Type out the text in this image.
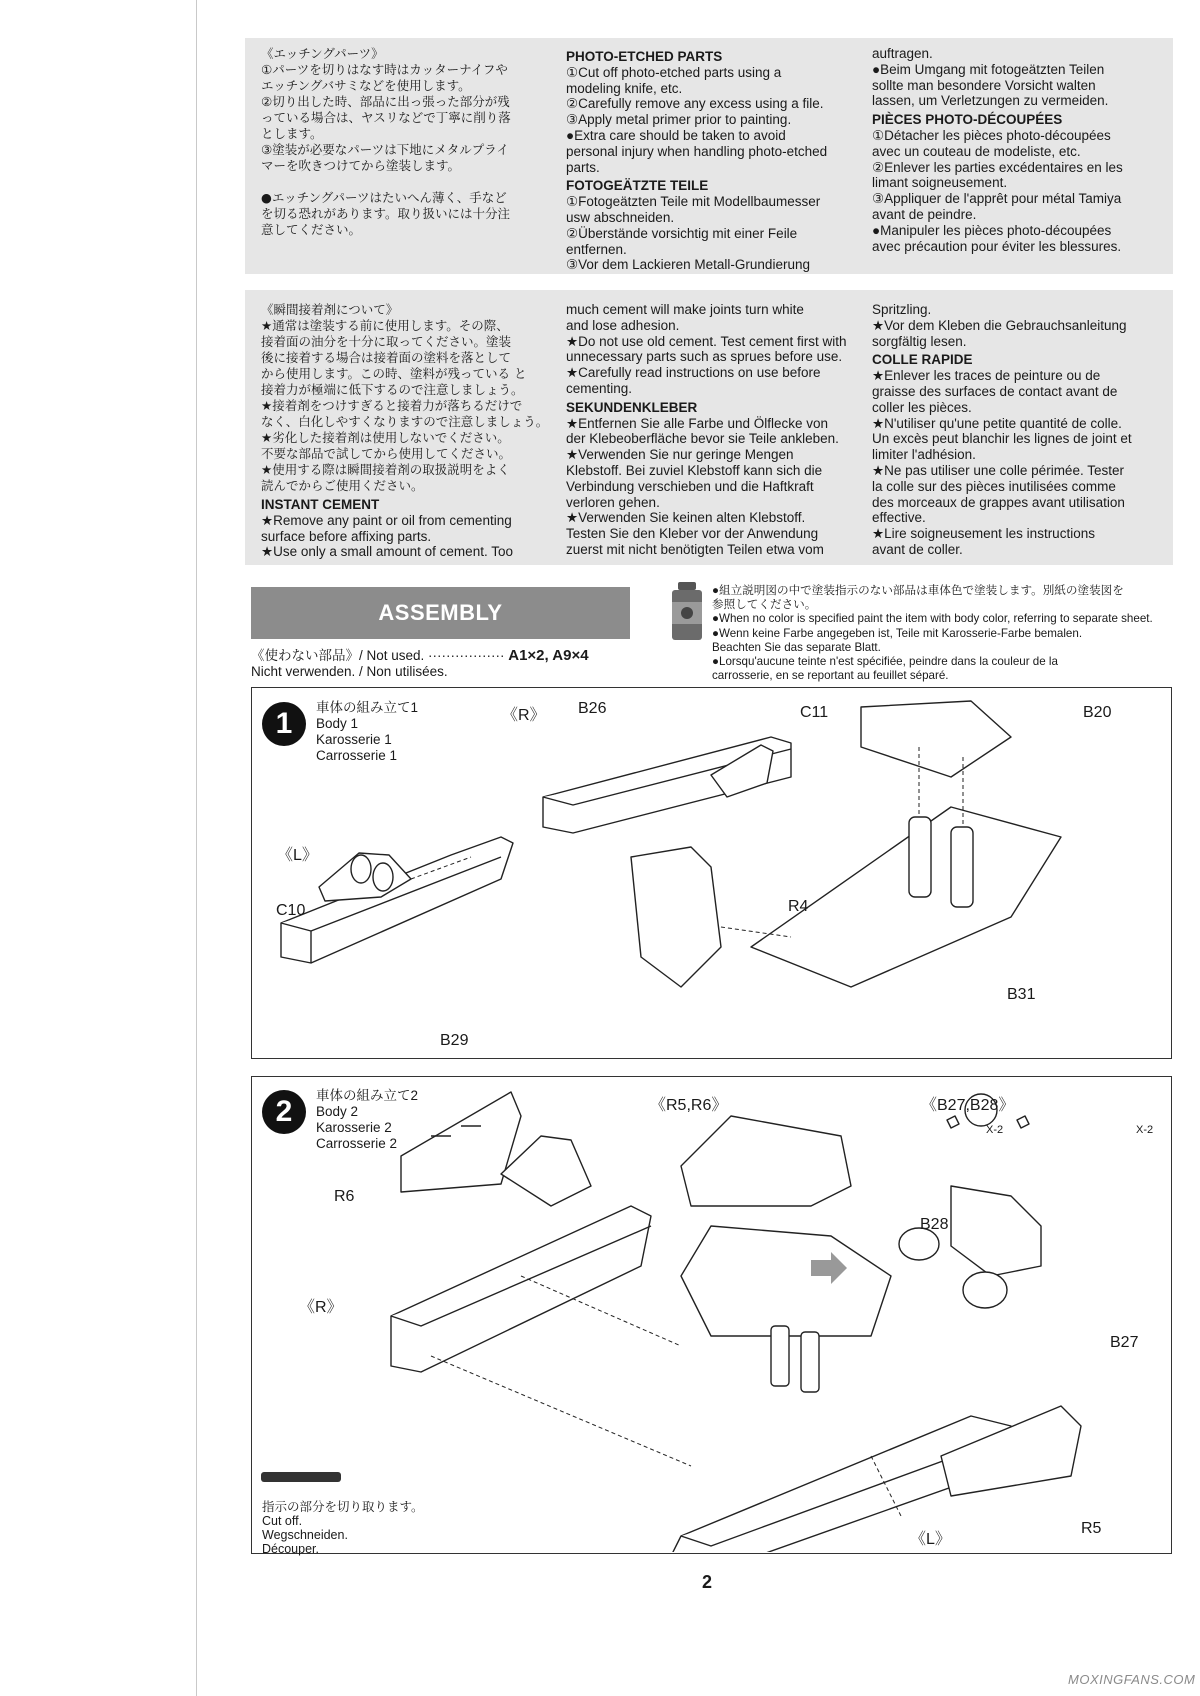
《エッチングパーツ》

①パーツを切りはなす時はカッターナイフや

エッチングバサミなどを使用します。

②切り出した時、部品に出っ張った部分が残

っている場合は、ヤスリなどで丁寧に削り落

とします。

③塗装が必要なパーツは下地にメタルプライ

マーを吹きつけてから塗装します。

●エッチングパーツはたいへん薄く、手など

を切る恐れがあります。取り扱いには十分注

意してください。

PHOTO-ETCHED PARTS

①Cut off photo-etched parts using a

modeling knife, etc.

②Carefully remove any excess using a file.

③Apply metal primer prior to painting.

●Extra care should be taken to avoid

personal injury when handling photo-etched

parts.

FOTOGEÄTZTE TEILE

①Fotogeätzten Teile mit Modellbaumesser

usw abschneiden.

②Überstände vorsichtig mit einer Feile

entfernen.

③Vor dem Lackieren Metall-Grundierung

auftragen.

●Beim Umgang mit fotogeätzten Teilen

sollte man besondere Vorsicht walten

lassen, um Verletzungen zu vermeiden.

PIÈCES PHOTO-DÉCOUPÉES

①Détacher les pièces photo-découpées

avec un couteau de modeliste, etc.

②Enlever les parties excédentaires en les

limant soigneusement.

③Appliquer de l'apprêt pour métal Tamiya

avant de peindre.

●Manipuler les pièces photo-découpées

avec précaution pour éviter les blessures.

《瞬間接着剤について》

★通常は塗装する前に使用します。その際、

接着面の油分を十分に取ってください。塗装

後に接着する場合は接着面の塗料を落として

から使用します。この時、塗料が残っている と

接着力が極端に低下するので注意しましょう。

★接着剤をつけすぎると接着力が落ちるだけで

なく、白化しやすくなりますので注意しましょう。

★劣化した接着剤は使用しないでください。

不要な部品で試してから使用してください。

★使用する際は瞬間接着剤の取扱説明をよく

読んでからご使用ください。

INSTANT CEMENT

★Remove any paint or oil from cementing

surface before affixing parts.

★Use only a small amount of cement. Too

much cement will make joints turn white

and lose adhesion.

★Do not use old cement. Test cement first with

unnecessary parts such as sprues before use.

★Carefully read instructions on use before

cementing.

SEKUNDENKLEBER

★Entfernen Sie alle Farbe und Ölflecke von

der Klebeoberfläche bevor sie Teile ankleben.

★Verwenden Sie nur geringe Mengen

Klebstoff. Bei zuviel Klebstoff kann sich die

Verbindung verschieben und die Haftkraft

verloren gehen.

★Verwenden Sie keinen alten Klebstoff.

Testen Sie den Kleber vor der Anwendung

zuerst mit nicht benötigten Teilen etwa vom

Spritzling.

★Vor dem Kleben die Gebrauchsanleitung

sorgfältig lesen.

COLLE RAPIDE

★Enlever les traces de peinture ou de

graisse des surfaces de contact avant de

coller les pièces.

★N'utiliser qu'une petite quantité de colle.

Un excès peut blanchir les lignes de joint et

limiter l'adhésion.

★Ne pas utiliser une colle périmée. Tester

la colle sur des pièces inutilisées comme

des morceaux de grappes avant utilisation

effective.

★Lire soigneusement les instructions

avant de coller.

ASSEMBLY
《使わない部品》/ Not used. ················· A1×2, A9×4
Nicht verwenden. / Non utilisées.

●組立説明図の中で塗装指示のない部品は車体色で塗装します。別紙の塗装図を

参照してください。

●When no color is specified paint the item with body color, referring to separate sheet.

●Wenn keine Farbe angegeben ist, Teile mit Karosserie-Farbe bemalen.

Beachten Sie das separate Blatt.

●Lorsqu'aucune teinte n'est spécifiée, peindre dans la couleur de la

carrosserie, en se reportant au feuillet séparé.

1	車体の組み立て1

Body 1

Karosserie 1

Carrosserie 1

《R》 B26	C11	B20
《L》
C10	R4
B31
B29
2	車体の組み立て2

Body 2

Karosserie 2

Carrosserie 2

《R5,R6》	《B27,B28》
X-2	X-2
R6
B28
《R》
B27
《L》
R5

指示の部分を切り取ります。

Cut off.

Wegschneiden.

Découper.

2
MOXINGFANS.COM
